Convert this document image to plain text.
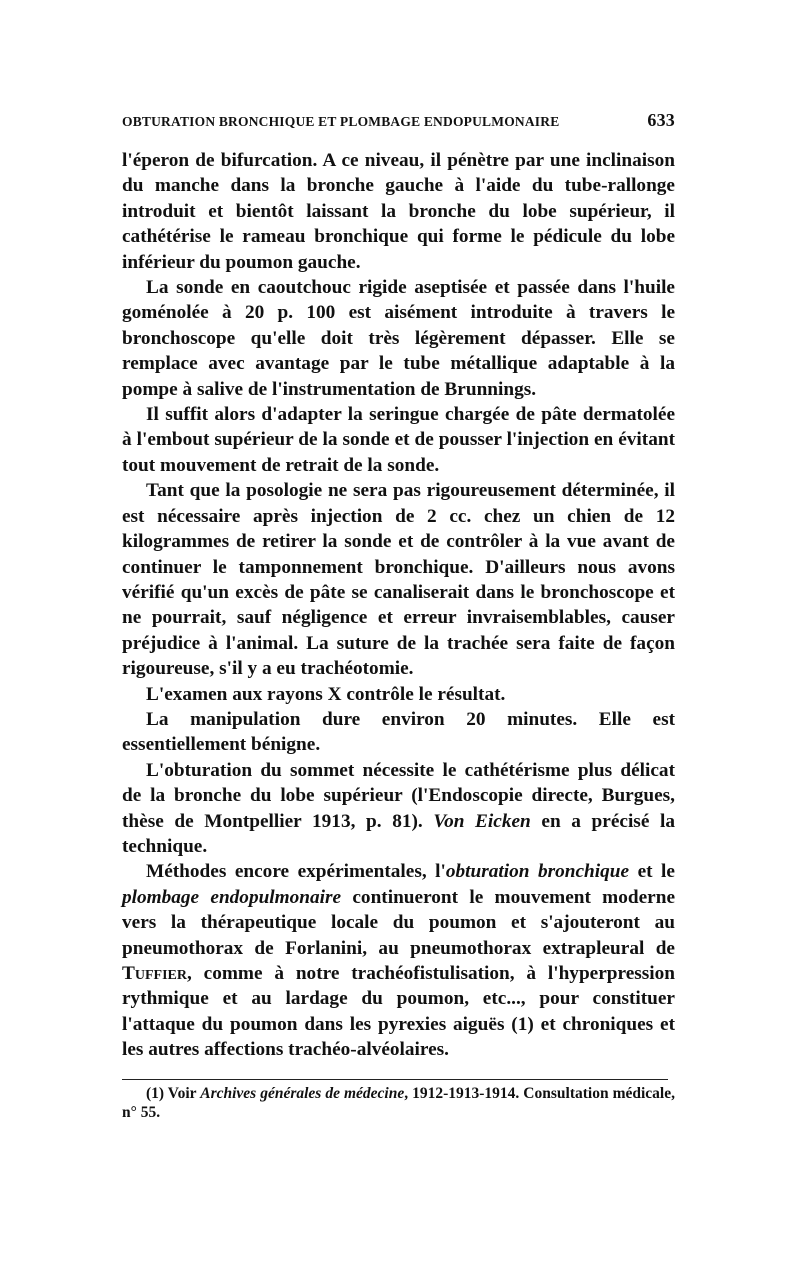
OBTURATION BRONCHIQUE ET PLOMBAGE ENDOPULMONAIRE	633

l'éperon de bifurcation. A ce niveau, il pénètre par une inclinaison du manche dans la bronche gauche à l'aide du tube-rallonge introduit et bientôt laissant la bronche du lobe supérieur, il cathétérise le rameau bronchique qui forme le pédicule du lobe inférieur du poumon gauche.

La sonde en caoutchouc rigide aseptisée et passée dans l'huile goménolée à 20 p. 100 est aisément introduite à travers le bronchoscope qu'elle doit très légèrement dépasser. Elle se remplace avec avantage par le tube métallique adaptable à la pompe à salive de l'instrumentation de Brunnings.

Il suffit alors d'adapter la seringue chargée de pâte dermatolée à l'embout supérieur de la sonde et de pousser l'injection en évitant tout mouvement de retrait de la sonde.

Tant que la posologie ne sera pas rigoureusement déterminée, il est nécessaire après injection de 2 cc. chez un chien de 12 kilogrammes de retirer la sonde et de contrôler à la vue avant de continuer le tamponnement bronchique. D'ailleurs nous avons vérifié qu'un excès de pâte se canaliserait dans le bronchoscope et ne pourrait, sauf négligence et erreur invraisemblables, causer préjudice à l'animal. La suture de la trachée sera faite de façon rigoureuse, s'il y a eu trachéotomie.

L'examen aux rayons X contrôle le résultat.

La manipulation dure environ 20 minutes. Elle est essentiellement bénigne.

L'obturation du sommet nécessite le cathétérisme plus délicat de la bronche du lobe supérieur (l'Endoscopie directe, Burgues, thèse de Montpellier 1913, p. 81). Von Eicken en a précisé la technique.

Méthodes encore expérimentales, l'obturation bronchique et le plombage endopulmonaire continueront le mouvement moderne vers la thérapeutique locale du poumon et s'ajouteront au pneumothorax de Forlanini, au pneumothorax extrapleural de Tuffier, comme à notre trachéofistulisation, à l'hyperpression rythmique et au lardage du poumon, etc..., pour constituer l'attaque du poumon dans les pyrexies aiguës (1) et chroniques et les autres affections trachéo-alvéolaires.

(1) Voir Archives générales de médecine, 1912-1913-1914. Consultation médicale, n° 55.
